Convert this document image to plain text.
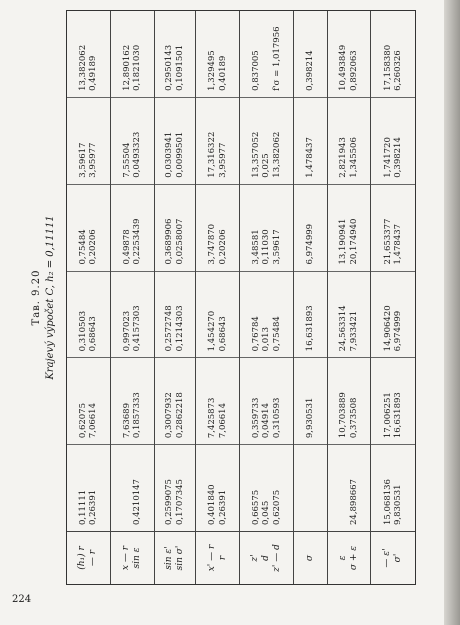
Тав. 9.20 Krajevý výpočet C, h₂ = 0,11111
(h₁) r — r
0,11111 0,26391
0,62075 7,06614
0,310503 0,68643
0,75484 0,20206
3,59617 3,95977
13,382062 0,49189
x — r sin ε

0,4210147
7,63689 0,1857333
0,997023 0,4157303
0,49878 0,2253439
7,55504 0,0493323
12,890162 0,1821030
sin ε' sin σ'
0,2599075 0,1707345
0,3007932 0,2862218
0,2572748 0,1214303
0,3689906 0,0258007
0,0303941 0,0099501
0,2950143 0,1091501
x' — r r
0,401840 0,26391
7,425873 7,06614
1,454270 0,68643
3,747870 0,20206
17,316322 3,95977
1,329495 0,40189
z' d z' — d
0,66575 0,045 0,62075
0,359733 0,04914 0,310593
0,76784 0,013 0,75484
3,48581 0,11030 3,59617
13,357052 0,025 13,382062
0,837005
f'σ = 1,017956
σ

9,930531
16,631893
6,974999
1,478437
0,398214
ε σ + ε

24,898667
10,703889 0,373508
24,563314 7,933421
13,190941 20,174940
2,821943 1,345506
10,493849 0,892063
— ε' σ'
15,068136 9,830531
17,006251 16,631893
14,906420 6,974999
21,653377 1,478437
1,741720 0,398214
17,158380 6,260326
224
